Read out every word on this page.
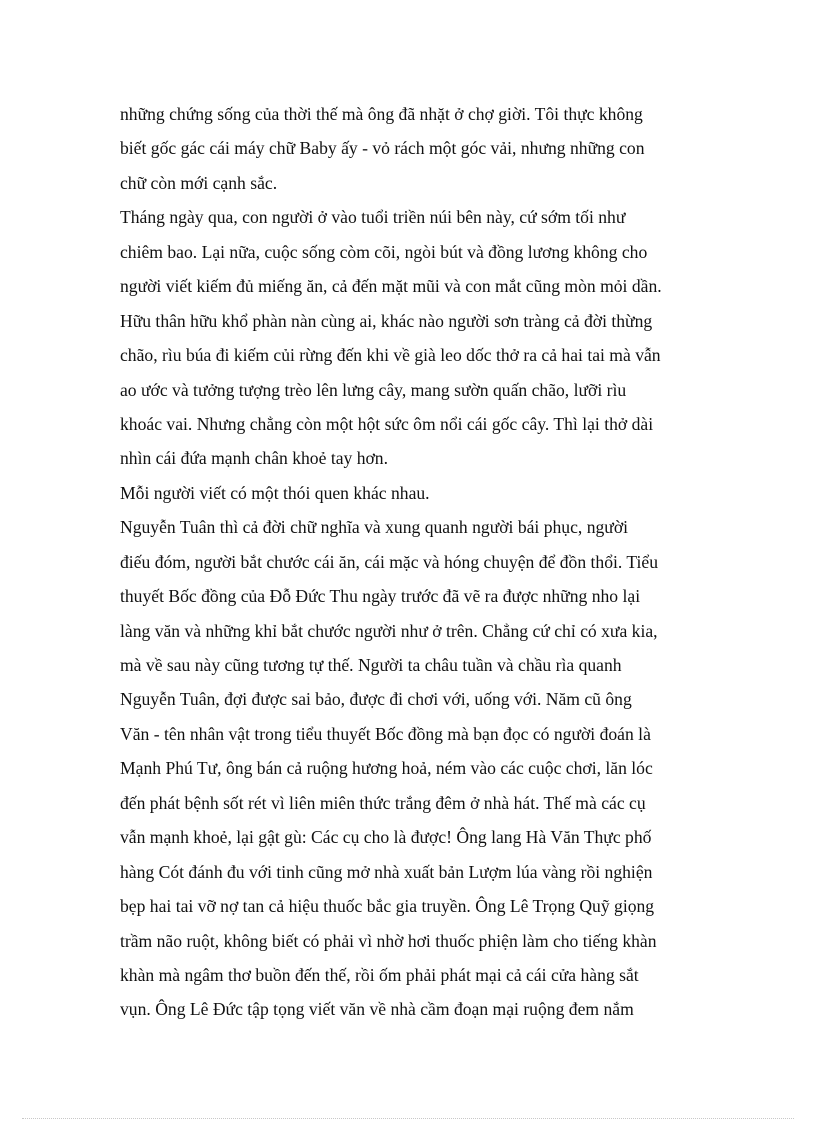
những chứng sống của thời thế mà ông đã nhặt ở chợ giời. Tôi thực không
biết gốc gác cái máy chữ Baby ấy - vỏ rách một góc vải, nhưng những con
chữ còn mới cạnh sắc.
Tháng ngày qua, con người ở vào tuổi triền núi bên này, cứ sớm tối như
chiêm bao. Lại nữa, cuộc sống còm cõi, ngòi bút và đồng lương không cho
người viết kiếm đủ miếng ăn, cả đến mặt mũi và con mắt cũng mòn mỏi dần.
Hữu thân hữu khổ phàn nàn cùng ai, khác nào người sơn tràng cả đời thừng
chão, rìu búa đi kiếm củi rừng đến khi về già leo dốc thở ra cả hai tai mà vẫn
ao ước và tưởng tượng trèo lên lưng cây, mang sườn quấn chão, lưỡi rìu
khoác vai. Nhưng chẳng còn một hột sức ôm nổi cái gốc cây. Thì lại thở dài
nhìn cái đứa mạnh chân khoẻ tay hơn.
Mỗi người viết có một thói quen khác nhau.
Nguyễn Tuân thì cả đời chữ nghĩa và xung quanh người bái phục, người
điếu đóm, người bắt chước cái ăn, cái mặc và hóng chuyện để đồn thổi. Tiểu
thuyết Bốc đồng của Đỗ Đức Thu ngày trước đã vẽ ra được những nho lại
làng văn và những khỉ bắt chước người như ở trên. Chẳng cứ chỉ có xưa kia,
mà về sau này cũng tương tự thế. Người ta châu tuần và chầu rìa quanh
Nguyễn Tuân, đợi được sai bảo, được đi chơi với, uống với. Năm cũ ông
Văn - tên nhân vật trong tiểu thuyết Bốc đồng mà bạn đọc có người đoán là
Mạnh Phú Tư, ông bán cả ruộng hương hoả, ném vào các cuộc chơi, lăn lóc
đến phát bệnh sốt rét vì liên miên thức trắng đêm ở nhà hát. Thế mà các cụ
vẫn mạnh khoẻ, lại gật gù: Các cụ cho là được! Ông lang Hà Văn Thực phố
hàng Cót đánh đu với tinh cũng mở nhà xuất bản Lượm lúa vàng rồi nghiện
bẹp hai tai vỡ nợ tan cả hiệu thuốc bắc gia truyền. Ông Lê Trọng Quỹ giọng
trầm não ruột, không biết có phải vì nhờ hơi thuốc phiện làm cho tiếng khàn
khàn mà ngâm thơ buồn đến thế, rồi ốm phải phát mại cả cái cửa hàng sắt
vụn. Ông Lê Đức tập tọng viết văn về nhà cầm đoạn mại ruộng đem nắm
